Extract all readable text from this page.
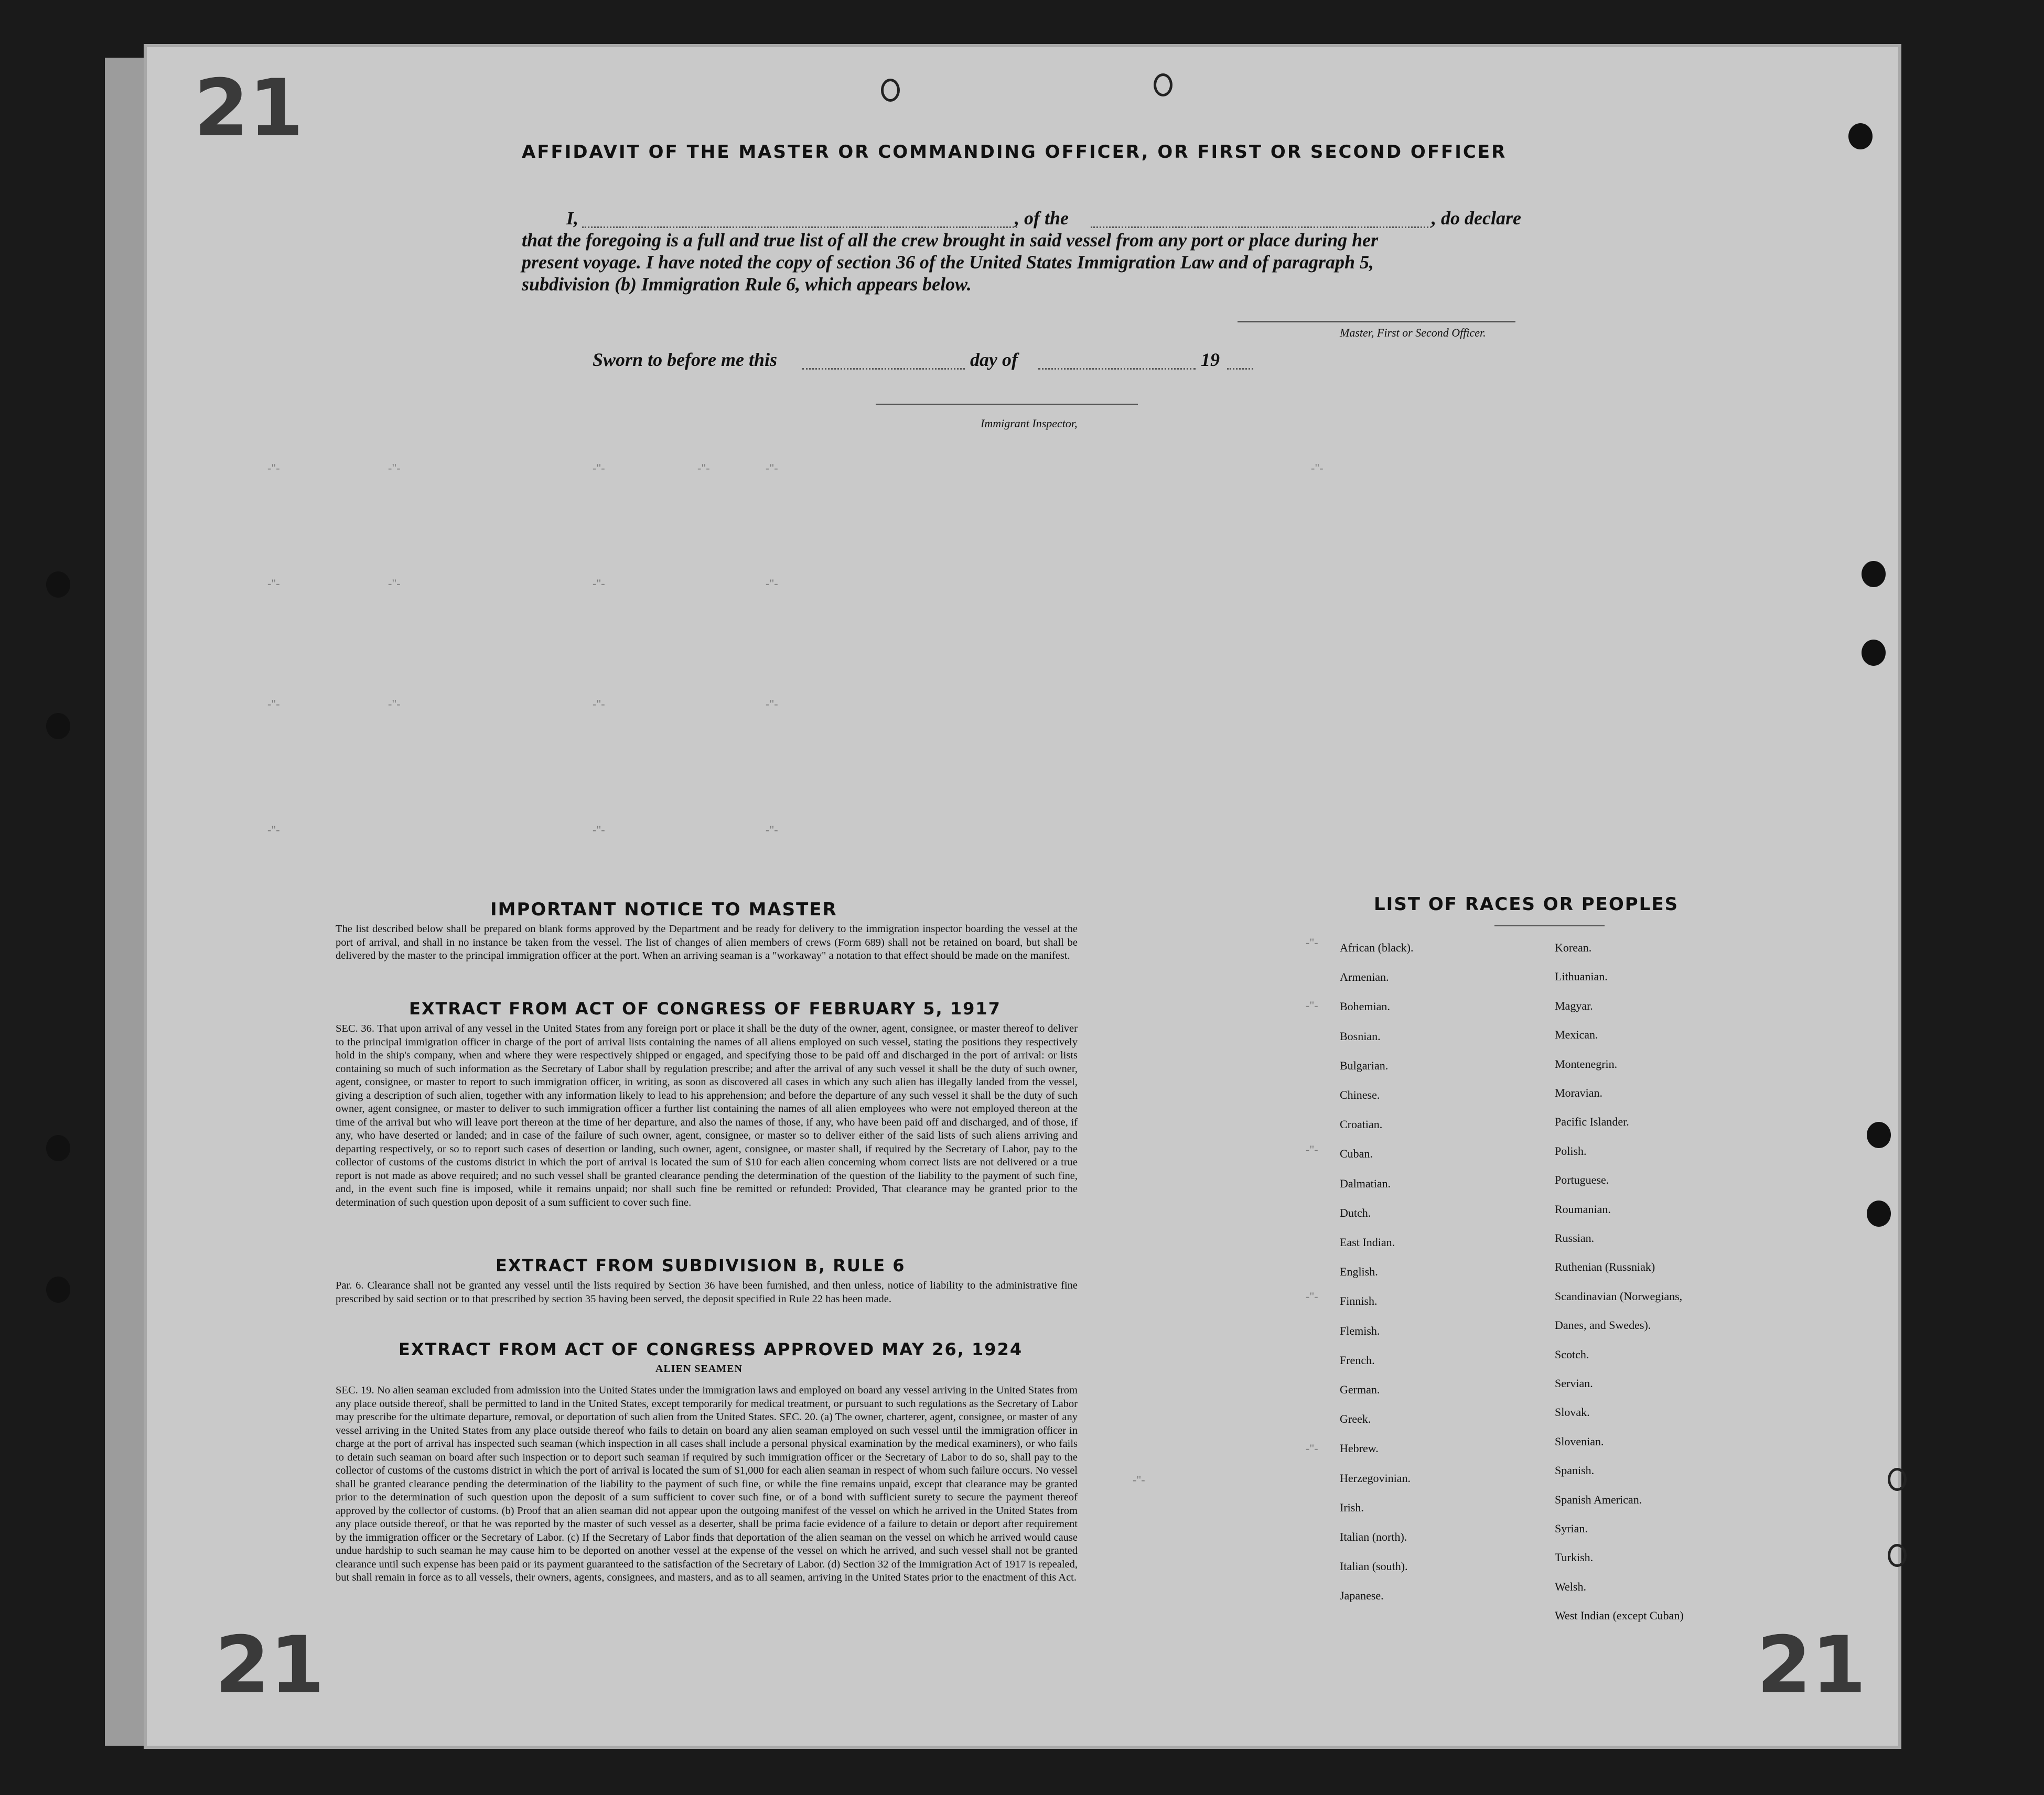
21
21	21
AFFIDAVIT OF THE MASTER OR COMMANDING OFFICER, OR FIRST OR SECOND OFFICER
I,	, of the	, do declare
that the foregoing is a full and true list of all the crew brought in said vessel from any port or place during her
present voyage. I have noted the copy of section 36 of the United States Immigration Law and of paragraph 5,
subdivision (b) Immigration Rule 6, which appears below.
Master, First or Second Officer.
Sworn to before me this	day of	19
Immigrant Inspector,
-"-	-"-	-"-	-"-	-"-	-"-
-"-	-"-	-"-	-"-
-"-	-"-	-"-	-"-
-"-	-"-	-"-
IMPORTANT NOTICE TO MASTER

The list described below shall be prepared on blank forms approved by the Department and be ready for delivery to the immigration inspector boarding the vessel at the port of arrival, and shall in no instance be taken from the vessel. The list of changes of alien members of crews (Form 689) shall not be retained on board, but shall be delivered by the master to the principal immigration officer at the port. When an arriving seaman is a "workaway" a notation to that effect should be made on the manifest.

EXTRACT FROM ACT OF CONGRESS OF FEBRUARY 5, 1917

SEC. 36. That upon arrival of any vessel in the United States from any foreign port or place it shall be the duty of the owner, agent, consignee, or master thereof to deliver to the principal immigration officer in charge of the port of arrival lists containing the names of all aliens employed on such vessel, stating the positions they respectively hold in the ship's company, when and where they were respectively shipped or engaged, and specifying those to be paid off and discharged in the port of arrival: or lists containing so much of such information as the Secretary of Labor shall by regulation prescribe; and after the arrival of any such vessel it shall be the duty of such owner, agent, consignee, or master to report to such immigration officer, in writing, as soon as discovered all cases in which any such alien has illegally landed from the vessel, giving a description of such alien, together with any information likely to lead to his apprehension; and before the departure of any such vessel it shall be the duty of such owner, agent consignee, or master to deliver to such immigration officer a further list containing the names of all alien employees who were not employed thereon at the time of the arrival but who will leave port thereon at the time of her departure, and also the names of those, if any, who have been paid off and discharged, and of those, if any, who have deserted or landed; and in case of the failure of such owner, agent, consignee, or master so to deliver either of the said lists of such aliens arriving and departing respectively, or so to report such cases of desertion or landing, such owner, agent, consignee, or master shall, if required by the Secretary of Labor, pay to the collector of customs of the customs district in which the port of arrival is located the sum of $10 for each alien concerning whom correct lists are not delivered or a true report is not made as above required; and no such vessel shall be granted clearance pending the determination of the question of the liability to the payment of such fine, and, in the event such fine is imposed, while it remains unpaid; nor shall such fine be remitted or refunded: Provided, That clearance may be granted prior to the determination of such question upon deposit of a sum sufficient to cover such fine.

EXTRACT FROM SUBDIVISION B, RULE 6

Par. 6. Clearance shall not be granted any vessel until the lists required by Section 36 have been furnished, and then unless, notice of liability to the administrative fine prescribed by said section or to that prescribed by section 35 having been served, the deposit specified in Rule 22 has been made.

EXTRACT FROM ACT OF CONGRESS APPROVED MAY 26, 1924
ALIEN SEAMEN

SEC. 19. No alien seaman excluded from admission into the United States under the immigration laws and employed on board any vessel arriving in the United States from any place outside thereof, shall be permitted to land in the United States, except temporarily for medical treatment, or pursuant to such regulations as the Secretary of Labor may prescribe for the ultimate departure, removal, or deportation of such alien from the United States. SEC. 20. (a) The owner, charterer, agent, consignee, or master of any vessel arriving in the United States from any place outside thereof who fails to detain on board any alien seaman employed on such vessel until the immigration officer in charge at the port of arrival has inspected such seaman (which inspection in all cases shall include a personal physical examination by the medical examiners), or who fails to detain such seaman on board after such inspection or to deport such seaman if required by such immigration officer or the Secretary of Labor to do so, shall pay to the collector of customs of the customs district in which the port of arrival is located the sum of $1,000 for each alien seaman in respect of whom such failure occurs. No vessel shall be granted clearance pending the determination of the liability to the payment of such fine, or while the fine remains unpaid, except that clearance may be granted prior to the determination of such question upon the deposit of a sum sufficient to cover such fine, or of a bond with sufficient surety to secure the payment thereof approved by the collector of customs. (b) Proof that an alien seaman did not appear upon the outgoing manifest of the vessel on which he arrived in the United States from any place outside thereof, or that he was reported by the master of such vessel as a deserter, shall be prima facie evidence of a failure to detain or deport after requirement by the immigration officer or the Secretary of Labor. (c) If the Secretary of Labor finds that deportation of the alien seaman on the vessel on which he arrived would cause undue hardship to such seaman he may cause him to be deported on another vessel at the expense of the vessel on which he arrived, and such vessel shall not be granted clearance until such expense has been paid or its payment guaranteed to the satisfaction of the Secretary of Labor. (d) Section 32 of the Immigration Act of 1917 is repealed, but shall remain in force as to all vessels, their owners, agents, consignees, and masters, and as to all seamen, arriving in the United States prior to the enactment of this Act.

LIST OF RACES OR PEOPLES
African (black).
Armenian.
Bohemian.
Bosnian.
Bulgarian.
Chinese.
Croatian.
Cuban.
Dalmatian.
Dutch.
East Indian.
English.
Finnish.
Flemish.
French.
German.
Greek.
Hebrew.
Herzegovinian.
Irish.
Italian (north).
Italian (south).
Japanese.
Korean.
Lithuanian.
Magyar.
Mexican.
Montenegrin.
Moravian.
Pacific Islander.
Polish.
Portuguese.
Roumanian.
Russian.
Ruthenian (Russniak)
Scandinavian (Norwegians,
Danes, and Swedes).
Scotch.
Servian.
Slovak.
Slovenian.
Spanish.
Spanish American.
Syrian.
Turkish.
Welsh.
West Indian (except Cuban)
-"-
-"-
-"-
-"-
-"-
-"-
